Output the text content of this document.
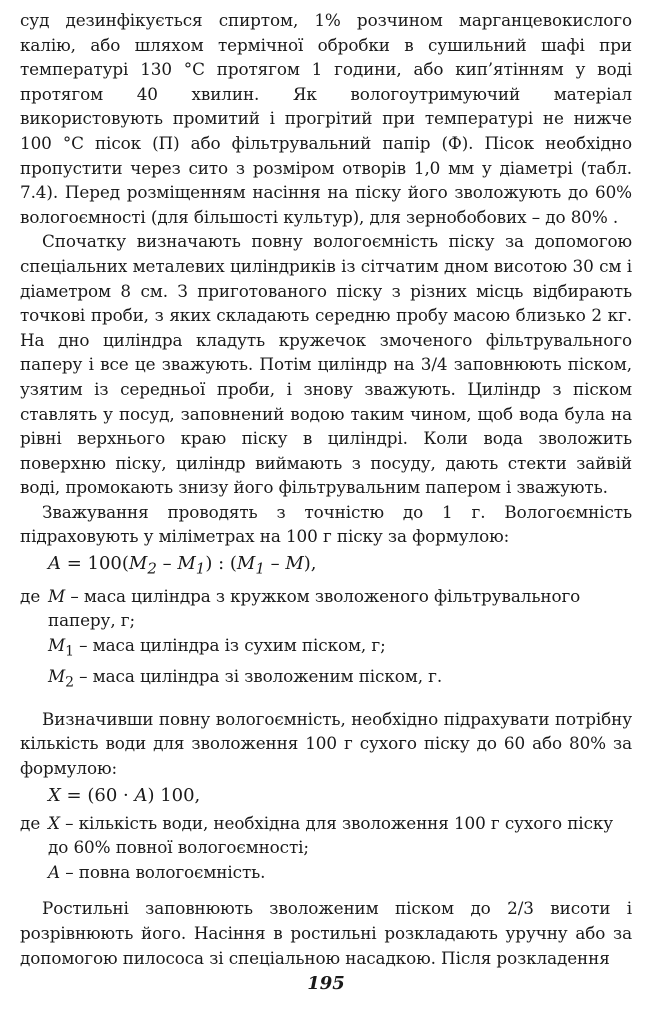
суд дезинфікується спиртом, 1% розчином марганцевокислого калію, або шляхом термічної обробки в сушильний шафі при температурі 130 °С протягом 1 години, або кип’ятінням у воді протягом 40 хвилин. Як вологоутримуючий матеріал використовують промитий і прогрітий при температурі не нижче 100 °С пісок (П) або фільтрувальний папір (Ф). Пісок необхідно пропустити через сито з розміром отворів 1,0 мм у діаметрі (табл. 7.4). Перед розміщенням насіння на піску його зволожують до 60% вологоємності (для більшості культур), для зернобобових – до 80% .

Спочатку визначають повну вологоємність піску за допомогою спеціальних металевих циліндриків із сітчатим дном висотою 30 см і діаметром 8 см. З приготованого піску з різних місць відбирають точкові проби, з яких складають середню пробу масою близько 2 кг. На дно циліндра кладуть кружечок змоченого фільтрувального паперу і все це зважують. Потім циліндр на 3/4 заповнюють піском, узятим із середньої проби, і знову зважують. Циліндр з піском ставлять у посуд, заповнений водою таким чином, щоб вода була на рівні верхнього краю піску в циліндрі. Коли вода зволожить поверхню піску, циліндр виймають з посуду, дають стекти зайвій воді, промокають знизу його фільтрувальним папером і зважують.

Зважування проводять з точністю до 1 г. Вологоємність підраховують у міліметрах на 100 г піску за формулою:

$A = 100(M_2 - M_1)$ : $(M_1 - M)$,

де M – маса циліндра з кружком зволоженого фільтрувального паперу, г;

$M_1$ – маса циліндра із сухим піском, г;

$M_2$ – маса циліндра зі зволоженим піском, г.

Визначивши повну вологоємність, необхідно підрахувати потрібну кількість води для зволоження 100 г сухого піску до 60 або 80% за формулою:

X = (60 · A) 100,

де X – кількість води, необхідна для зволоження 100 г сухого піску до 60% повної вологоємності;

A – повна вологоємність.

Ростильні заповнюють зволоженим піском до 2/3 висоти і розрівнюють його. Насіння в ростильні розкладають уручну або за допомогою пилососа зі спеціальною насадкою. Після розкладення

195
